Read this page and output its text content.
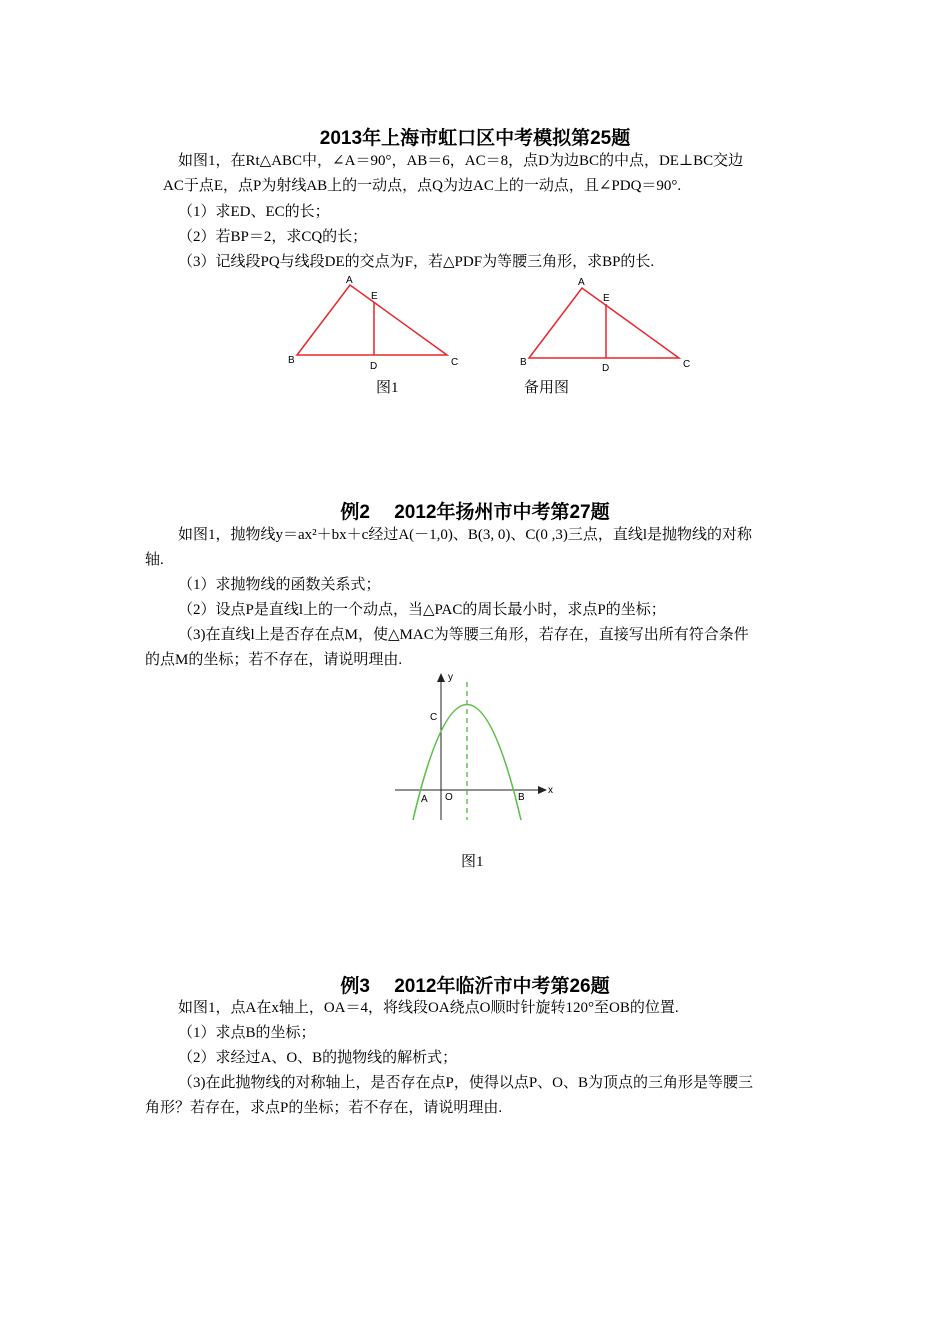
2013年上海市虹口区中考模拟第25题
如图1，在Rt△ABC中，∠A＝90°，AB＝6，AC＝8，点D为边BC的中点，DE⊥BC交边
AC于点E，点P为射线AB上的一动点，点Q为边AC上的一动点，且∠PDQ＝90°.
（1）求ED、EC的长；
（2）若BP＝2，求CQ的长；
（3）记线段PQ与线段DE的交点为F，若△PDF为等腰三角形，求BP的长.
A
E
B
D	C
A
E
B
D	C
图1	备用图
例2　 2012年扬州市中考第27题
如图1，抛物线y＝ax²＋bx＋c经过A(－1,0)、B(3, 0)、C(0 ,3)三点，直线l是抛物线的对称
轴.
（1）求抛物线的函数关系式；
（2）设点P是直线l上的一个动点，当△PAC的周长最小时，求点P的坐标；
（3)在直线l上是否存在点M，使△MAC为等腰三角形，若存在，直接写出所有符合条件
的点M的坐标；若不存在，请说明理由.
y
x
C
A O	B
图1
例3　 2012年临沂市中考第26题
如图1，点A在x轴上，OA＝4，将线段OA绕点O顺时针旋转120°至OB的位置.
（1）求点B的坐标；
（2）求经过A、O、B的抛物线的解析式；
（3)在此抛物线的对称轴上，是否存在点P，使得以点P、O、B为顶点的三角形是等腰三
角形？若存在，求点P的坐标；若不存在，请说明理由.
